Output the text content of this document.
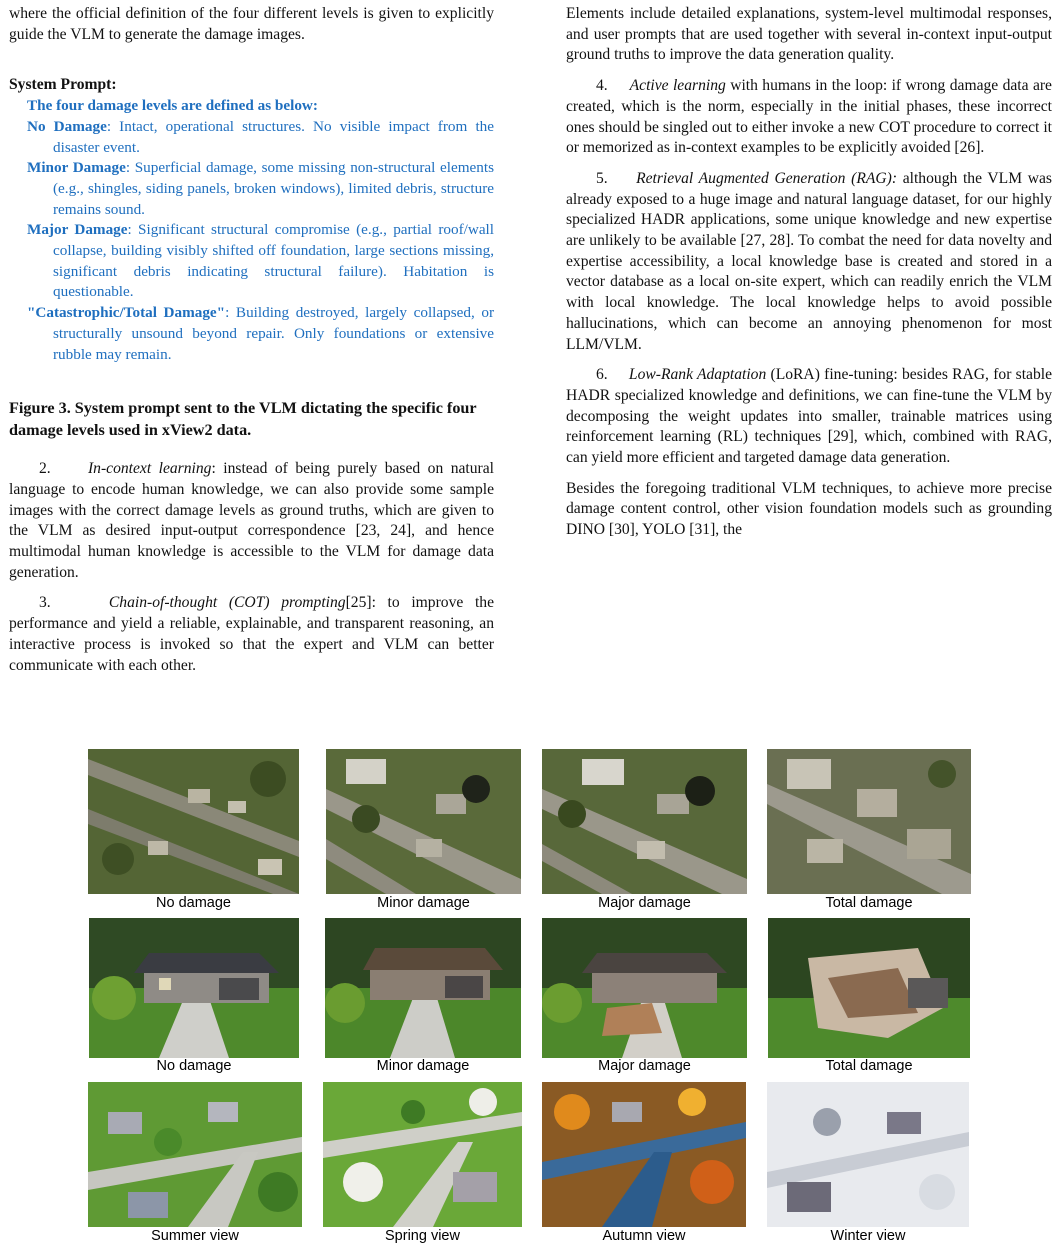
where the official definition of the four different levels is given to explicitly guide the VLM to generate the damage images.

System Prompt:

The four damage levels are defined as below:

No Damage: Intact, operational structures. No visible impact from the disaster event.

Minor Damage: Superficial damage, some missing non-structural elements (e.g., shingles, siding panels, broken windows), limited debris, structure remains sound.

Major Damage: Significant structural compromise (e.g., partial roof/wall collapse, building visibly shifted off foundation, large sections missing, significant debris indicating structural failure). Habitation is questionable.

"Catastrophic/Total Damage": Building destroyed, largely collapsed, or structurally unsound beyond repair. Only foundations or extensive rubble may remain.

Figure 3. System prompt sent to the VLM dictating the specific four damage levels used in xView2 data.

2. In-context learning: instead of being purely based on natural language to encode human knowledge, we can also provide some sample images with the correct damage levels as ground truths, which are given to the VLM as desired input-output correspondence [23, 24], and hence multimodal human knowledge is accessible to the VLM for damage data generation.

3.	Chain-of-thought (COT) prompting[25]: to improve the performance and yield a reliable, explainable, and transparent reasoning, an interactive process is invoked so that the expert and VLM can better communicate with each other.

Elements include detailed explanations, system-level multimodal responses, and user prompts that are used together with several in-context input-output ground truths to improve the data generation quality.

4. Active learning with humans in the loop: if wrong damage data are created, which is the norm, especially in the initial phases, these incorrect ones should be singled out to either invoke a new COT procedure to correct it or memorized as in-context examples to be explicitly avoided [26].

5. Retrieval Augmented Generation (RAG): although the VLM was already exposed to a huge image and natural language dataset, for our highly specialized HADR applications, some unique knowledge and new expertise are unlikely to be available [27, 28]. To combat the need for data novelty and expertise accessibility, a local knowledge base is created and stored in a vector database as a local on-site expert, which can readily enrich the VLM with local knowledge. The local knowledge helps to avoid possible hallucinations, which can become an annoying phenomenon for most LLM/VLM.

6. Low-Rank Adaptation (LoRA) fine-tuning: besides RAG, for stable HADR specialized knowledge and definitions, we can fine-tune the VLM by decomposing the weight updates into smaller, trainable matrices using reinforcement learning (RL) techniques [29], which, combined with RAG, can yield more efficient and targeted damage data generation.

Besides the foregoing traditional VLM techniques, to achieve more precise damage content control, other vision foundation models such as grounding DINO [30], YOLO [31], the

No damage	Minor damage	Major damage	Total damage
No damage	Minor damage	Major damage	Total damage
Summer view	Spring view	Autumn view	Winter view
